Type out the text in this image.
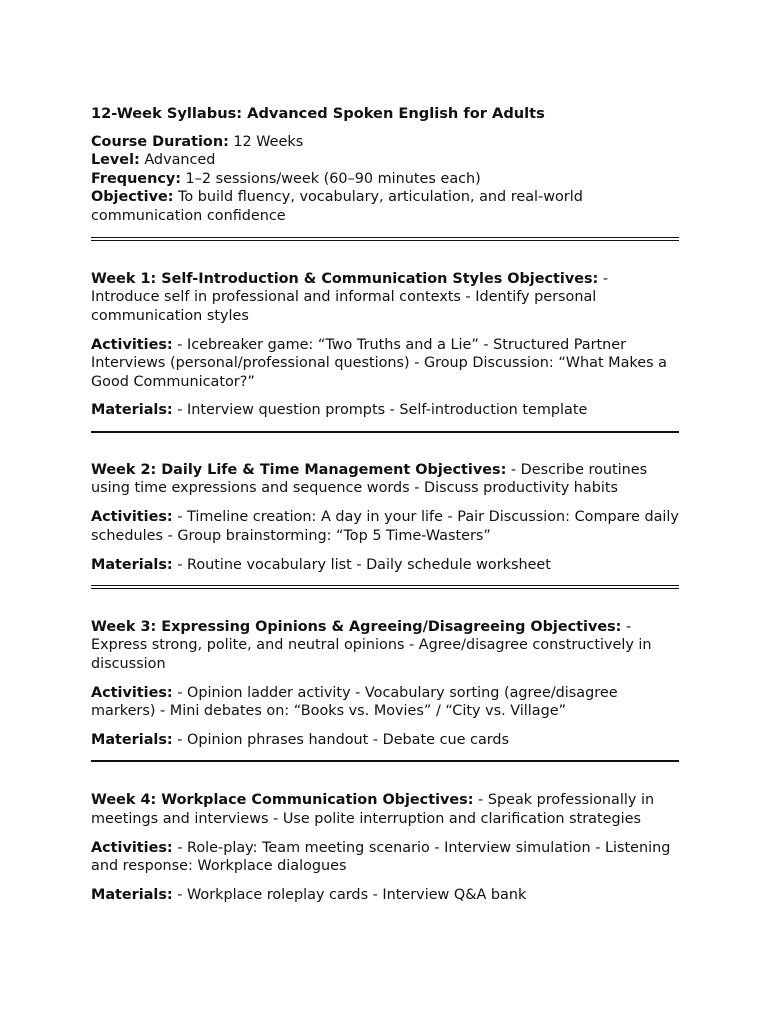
12-Week Syllabus: Advanced Spoken English for Adults

Course Duration: 12 Weeks

Level: Advanced

Frequency: 1–2 sessions/week (60–90 minutes each)

Objective: To build fluency, vocabulary, articulation, and real-world communication confidence

Week 1: Self-Introduction & Communication Styles Objectives: - Introduce self in professional and informal contexts - Identify personal communication styles

Activities: - Icebreaker game: “Two Truths and a Lie” - Structured Partner Interviews (personal/professional questions) - Group Discussion: “What Makes a Good Communicator?”

Materials: - Interview question prompts - Self-introduction template

Week 2: Daily Life & Time Management Objectives: - Describe routines using time expressions and sequence words - Discuss productivity habits

Activities: - Timeline creation: A day in your life - Pair Discussion: Compare daily schedules - Group brainstorming: “Top 5 Time-Wasters”

Materials: - Routine vocabulary list - Daily schedule worksheet

Week 3: Expressing Opinions & Agreeing/Disagreeing Objectives: - Express strong, polite, and neutral opinions - Agree/disagree constructively in discussion

Activities: - Opinion ladder activity - Vocabulary sorting (agree/disagree markers) - Mini debates on: “Books vs. Movies” / “City vs. Village”

Materials: - Opinion phrases handout - Debate cue cards

Week 4: Workplace Communication Objectives: - Speak professionally in meetings and interviews - Use polite interruption and clarification strategies

Activities: - Role-play: Team meeting scenario - Interview simulation - Listening and response: Workplace dialogues

Materials: - Workplace roleplay cards - Interview Q&A bank
